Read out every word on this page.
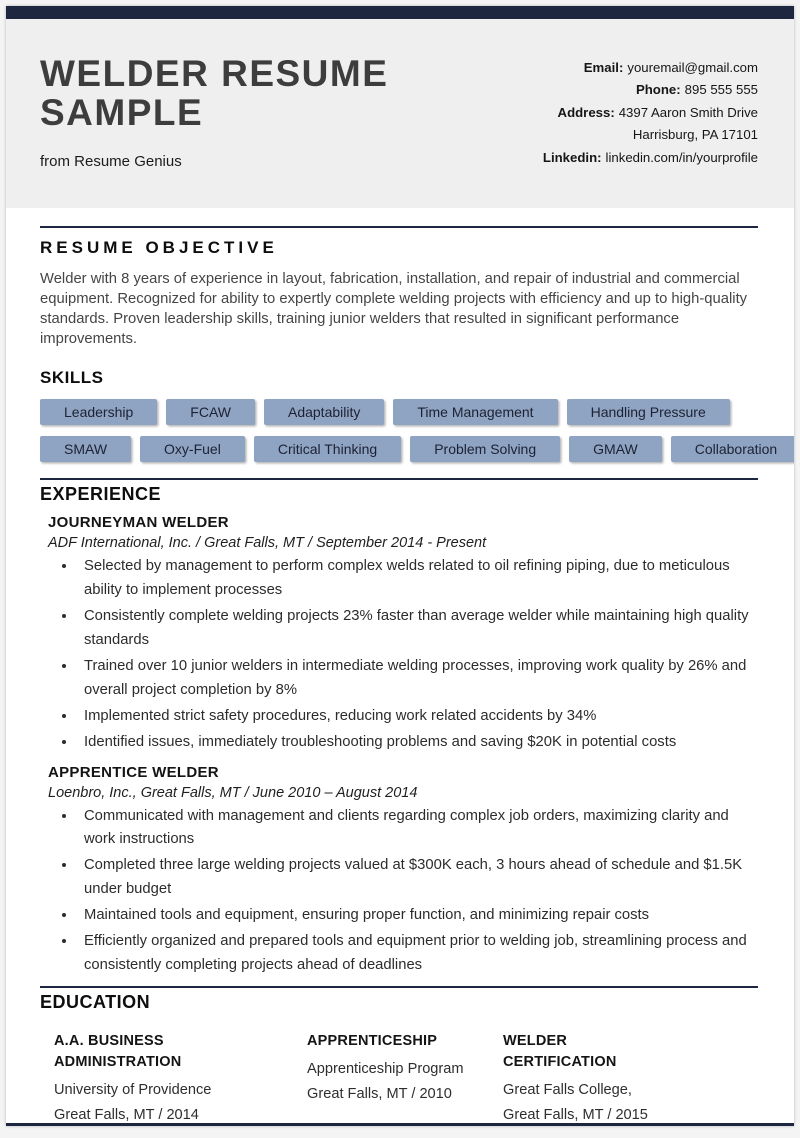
WELDER RESUME SAMPLE
from Resume Genius
Email: youremail@gmail.com
Phone: 895 555 555
Address: 4397 Aaron Smith Drive
Harrisburg, PA 17101
Linkedin: linkedin.com/in/yourprofile
RESUME OBJECTIVE

Welder with 8 years of experience in layout, fabrication, installation, and repair of industrial and commercial equipment. Recognized for ability to expertly complete welding projects with efficiency and up to high-quality standards. Proven leadership skills, training junior welders that resulted in significant performance improvements.

SKILLS
Leadership	FCAW	Adaptability	Time Management	Handling Pressure
SMAW	Oxy-Fuel	Critical Thinking	Problem Solving	GMAW	Collaboration
EXPERIENCE
JOURNEYMAN WELDER
ADF International, Inc. / Great Falls, MT / September 2014 - Present
• Selected by management to perform complex welds related to oil refining piping, due to meticulous ability to implement processes
• Consistently complete welding projects 23% faster than average welder while maintaining high quality standards
• Trained over 10 junior welders in intermediate welding processes, improving work quality by 26% and overall project completion by 8%
• Implemented strict safety procedures, reducing work related accidents by 34%
• Identified issues, immediately troubleshooting problems and saving $20K in potential costs
APPRENTICE WELDER
Loenbro, Inc., Great Falls, MT / June 2010 – August 2014
• Communicated with management and clients regarding complex job orders, maximizing clarity and work instructions
• Completed three large welding projects valued at $300K each, 3 hours ahead of schedule and $1.5K under budget
• Maintained tools and equipment, ensuring proper function, and minimizing repair costs
• Efficiently organized and prepared tools and equipment prior to welding job, streamlining process and consistently completing projects ahead of deadlines
EDUCATION
A.A. BUSINESS ADMINISTRATION
University of Providence
Great Falls, MT / 2014
APPRENTICESHIP
Apprenticeship Program
Great Falls, MT / 2010
WELDER CERTIFICATION
Great Falls College,
Great Falls, MT / 2015
